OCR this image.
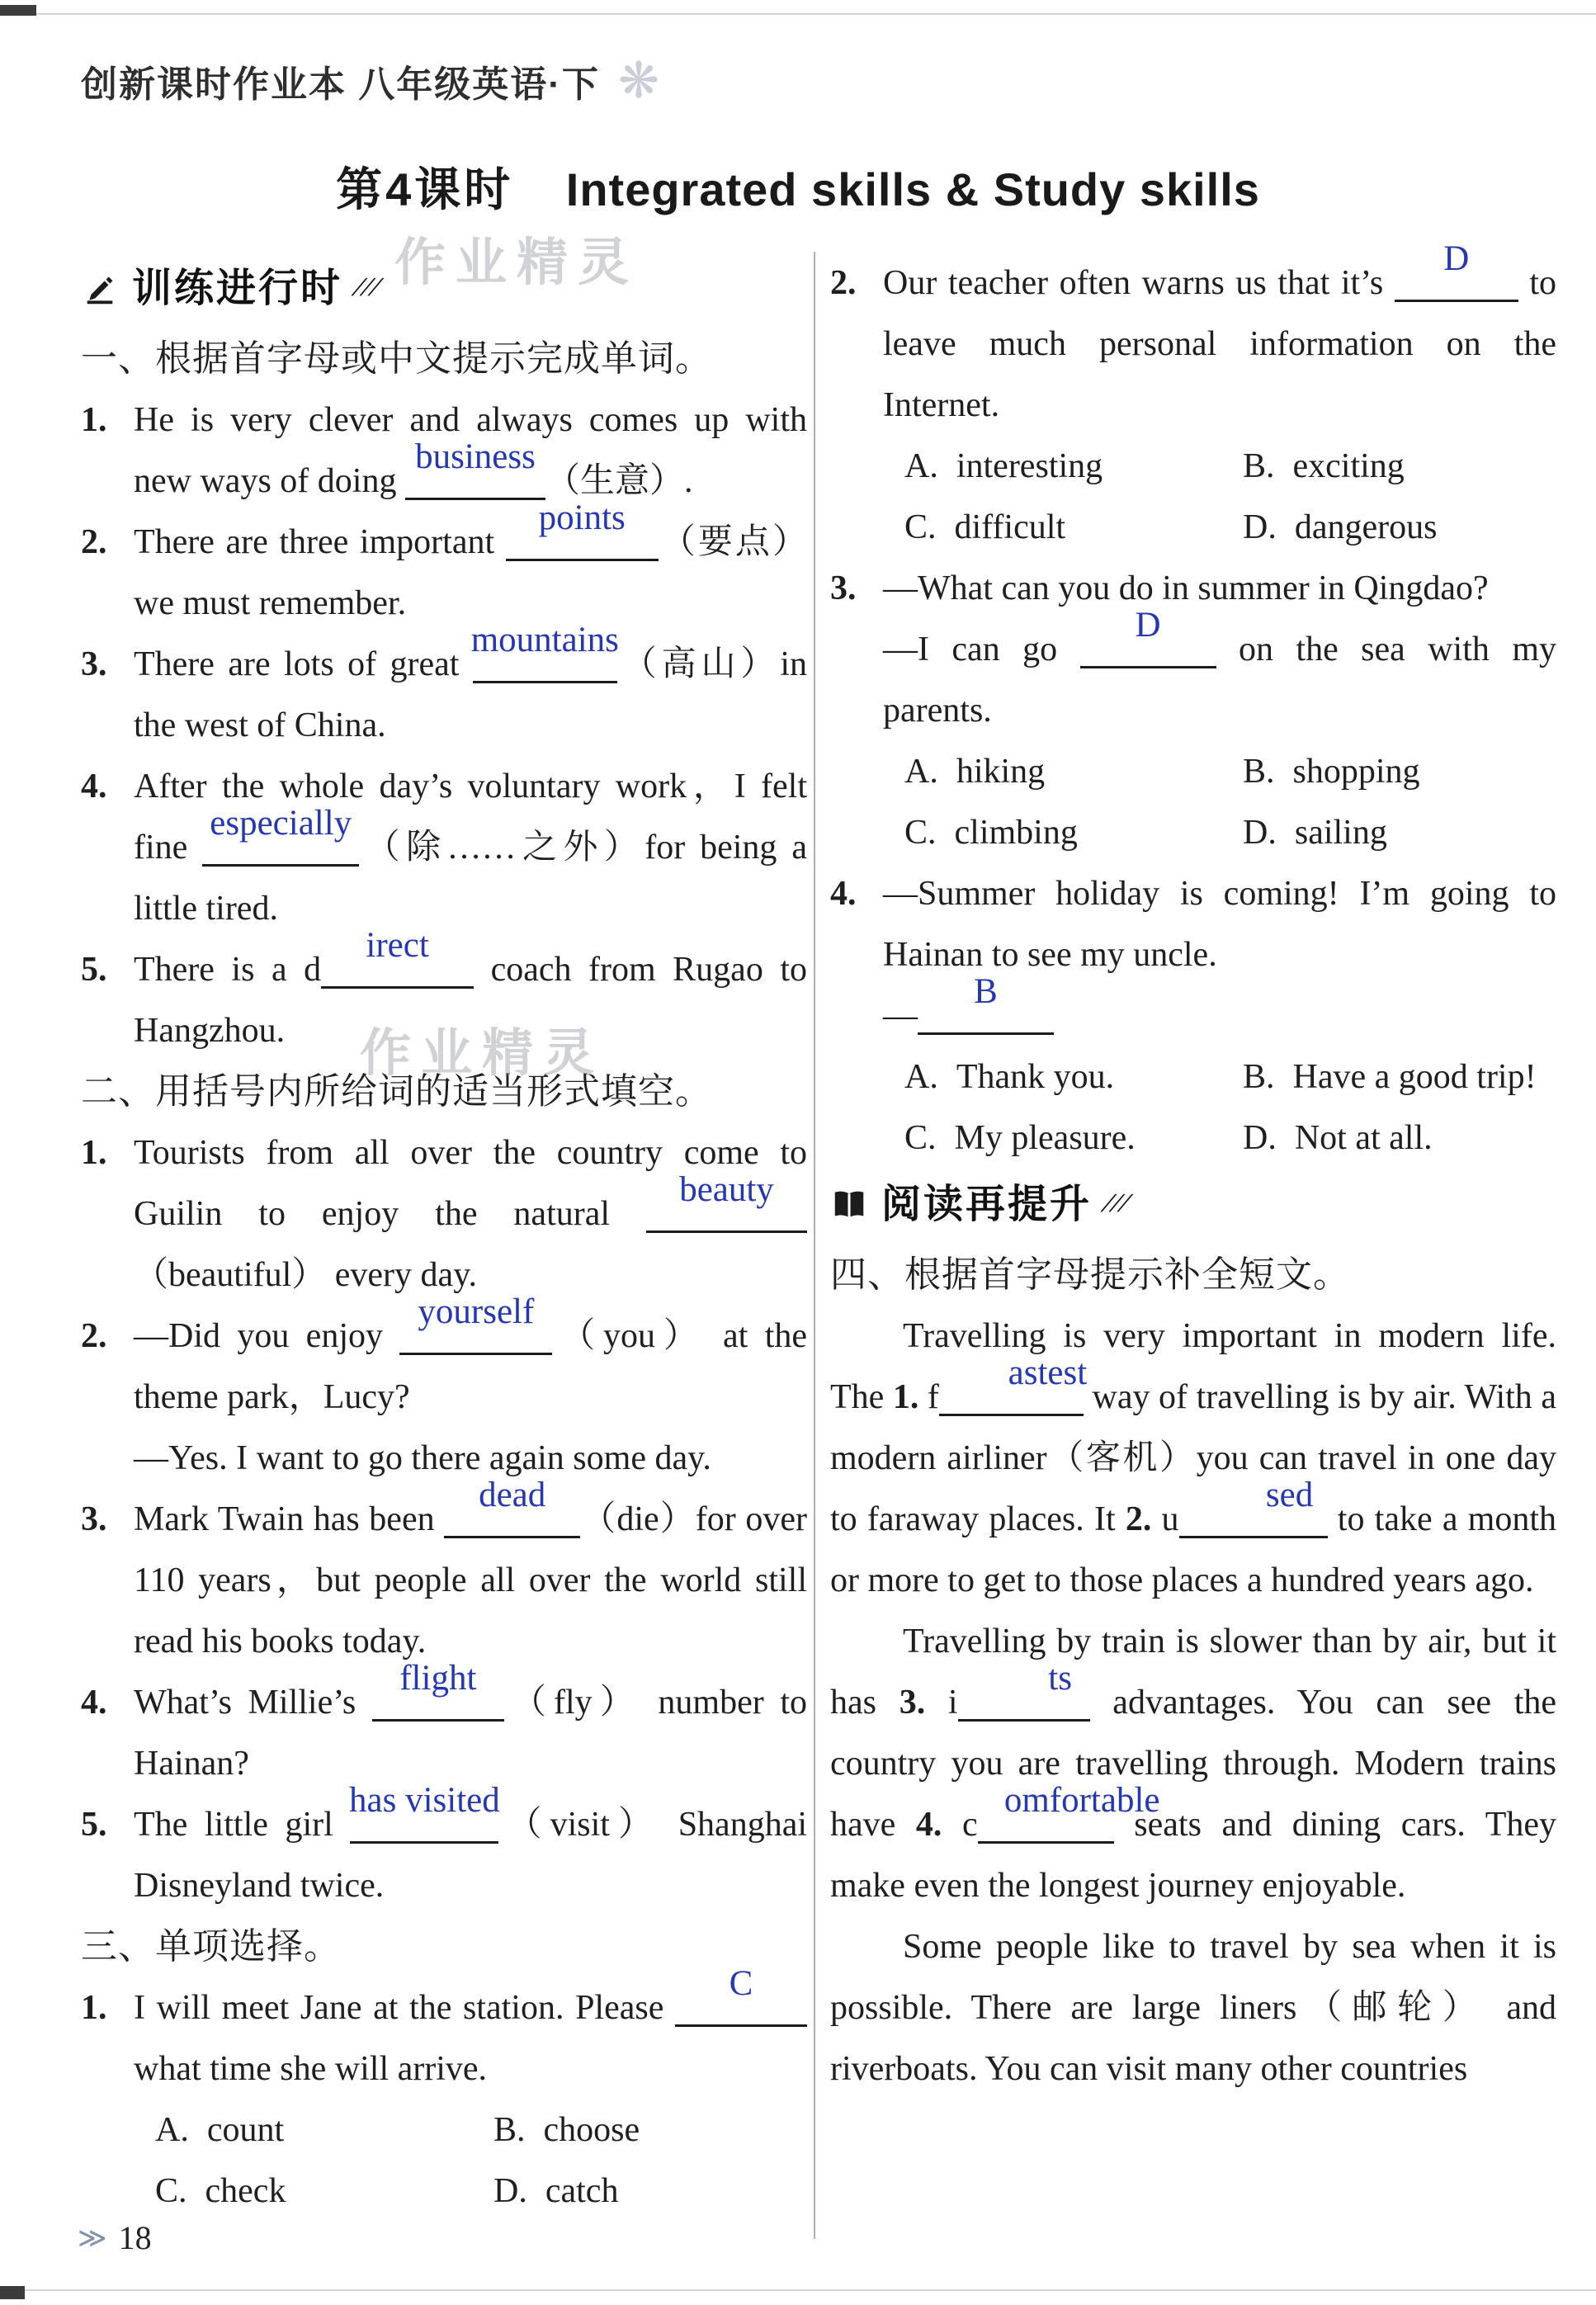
创新课时作业本 八年级英语·下 ❋
第4课时 Integrated skills & Study skills
作业精灵
作业精灵
训练进行时 ///
一、根据首字母或中文提示完成单词。
1. He is very clever and always comes up with new ways of doing
business
（生意）.
2. There are three important
points
（要点） we must remember.
3. There are lots of great
mountains
（高山）in the west of China.
4. After the whole day’s voluntary work，I felt fine
especially
（除……之外）for being a little tired.
5. There is a d
irect
coach from Rugao to Hangzhou.
二、用括号内所给词的适当形式填空。
1. Tourists from all over the country come to Guilin to enjoy the natural
beauty
（beautiful） every day.
2. —Did you enjoy
yourself
（you） at the theme park，Lucy?
—Yes. I want to go there again some day.
3. Mark Twain has been
dead
（die）for over 110 years，but people all over the world still read his books today.
4. What’s Millie’s
flight
（fly） number to Hainan?
5. The little girl
has visited
（visit） Shanghai Disneyland twice.
三、单项选择。
1. I will meet Jane at the station. Please
C
what time she will arrive.
A. count	B. choose
C. check	D. catch
2. Our teacher often warns us that it’s
D
to leave much personal information on the Internet.
A. interesting	B. exciting
C. difficult	D. dangerous
3. —What can you do in summer in Qingdao?
—I can go
D
on the sea with my parents.
A. hiking	B. shopping
C. climbing	D. sailing
4. —Summer holiday is coming! I’m going to Hainan to see my uncle.
—
B
A. Thank you.	B. Have a good trip!
C. My pleasure.	D. Not at all.
阅读再提升 ///
四、根据首字母提示补全短文。
Travelling is very important in modern life. The 1. f
astest
way of travelling is by air. With a modern airliner（客机）you can travel in one day to faraway places. It 2. u
sed
to take a month or more to get to those places a hundred years ago.
Travelling by train is slower than by air, but it has 3. i
ts
advantages. You can see the country you are travelling through. Modern trains have 4. c
omfortable
seats and dining cars. They make even the longest journey enjoyable.
Some people like to travel by sea when it is possible. There are large liners（邮轮） and riverboats. You can visit many other countries
≫ 18
